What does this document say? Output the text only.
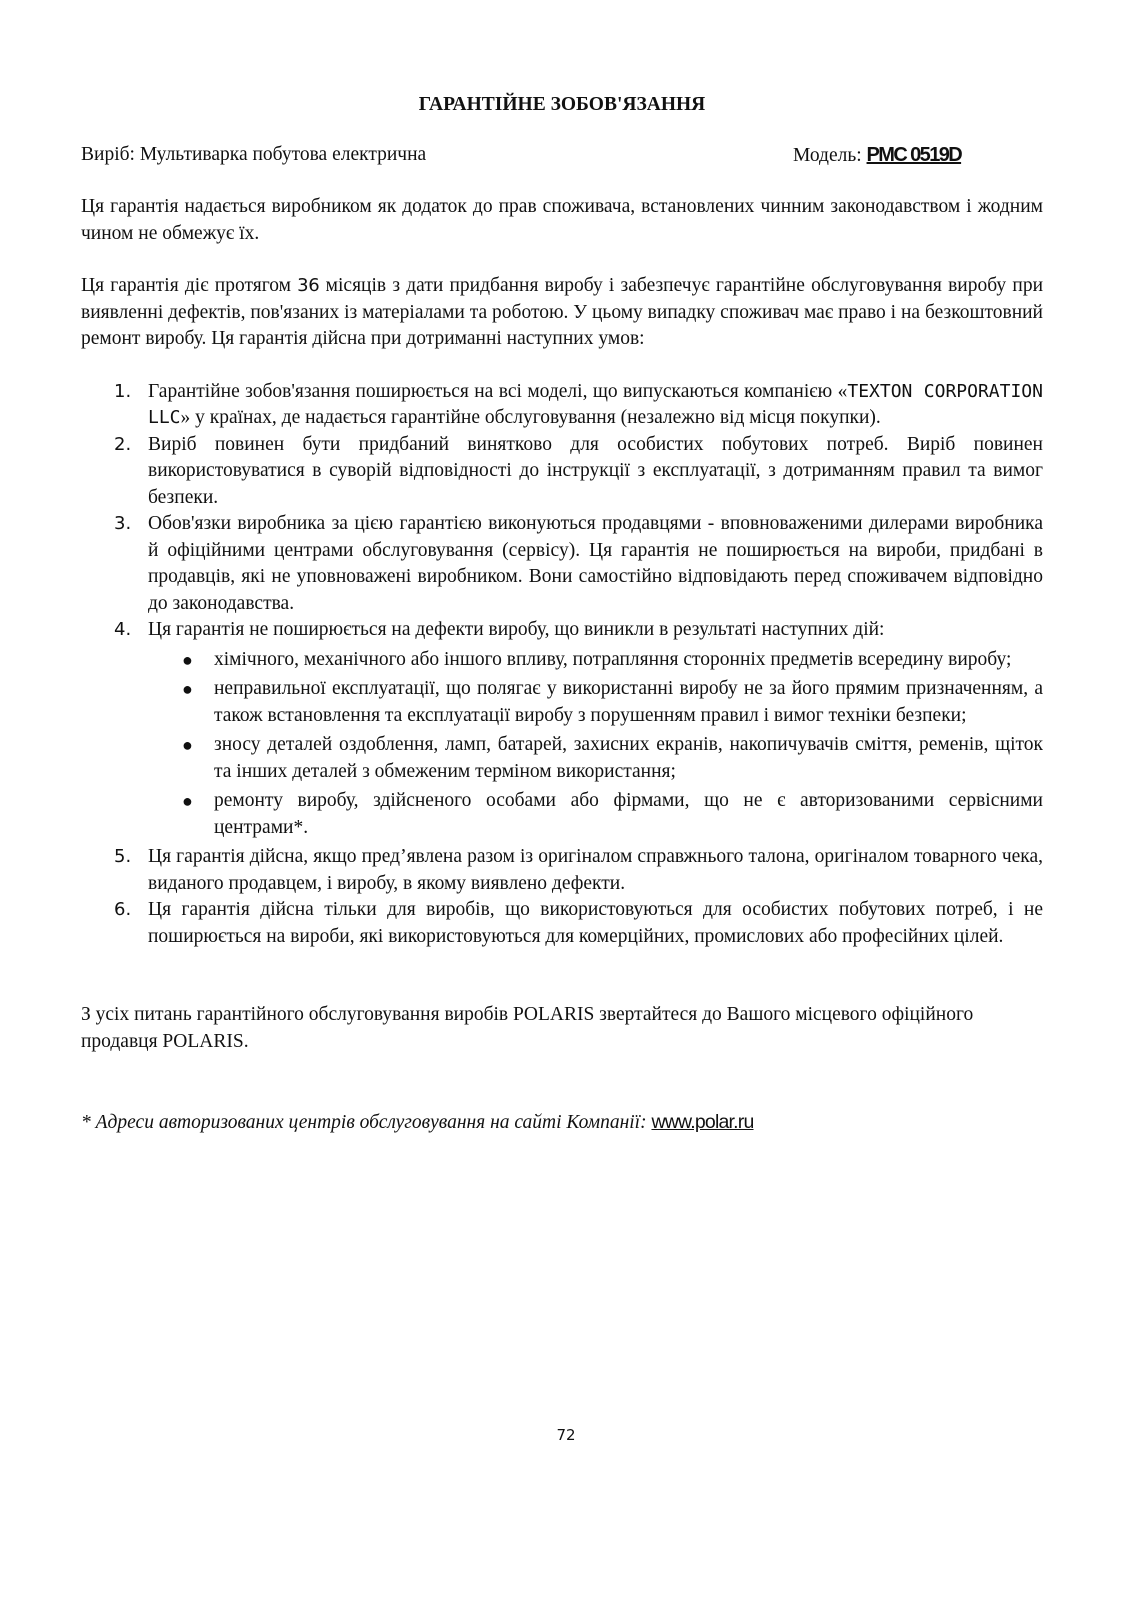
ГАРАНТІЙНЕ ЗОБОВ'ЯЗАННЯ
Виріб: Мультиварка побутова електрична	Модель: PMC 0519D

Ця гарантія надається виробником як додаток до прав споживача, встановлених чинним законодавством і жодним чином не обмежує їх.

Ця гарантія діє протягом 36 місяців з дати придбання виробу і забезпечує гарантійне обслуговування виробу при виявленні дефектів, пов'язаних із матеріалами та роботою. У цьому випадку споживач має право і на безкоштовний ремонт виробу. Ця гарантія дійсна при дотриманні наступних умов:

1. Гарантійне зобов'язання поширюється на всі моделі, що випускаються компанією «TEXTON CORPORATION LLC» у країнах, де надається гарантійне обслуговування (незалежно від місця покупки).
2. Виріб повинен бути придбаний винятково для особистих побутових потреб. Виріб повинен використовуватися в суворій відповідності до інструкції з експлуатації, з дотриманням правил та вимог безпеки.
3. Обов'язки виробника за цією гарантією виконуються продавцями - вповноваженими дилерами виробника й офіційними центрами обслуговування (сервісу). Ця гарантія не поширюється на вироби, придбані в продавців, які не уповноважені виробником. Вони самостійно відповідають перед споживачем відповідно до законодавства.
4. Ця гарантія не поширюється на дефекти виробу, що виникли в результаті наступних дій:
● хімічного, механічного або іншого впливу, потрапляння сторонніх предметів всередину виробу;
● неправильної експлуатації, що полягає у використанні виробу не за його прямим призначенням, а також встановлення та експлуатації виробу з порушенням правил і вимог техніки безпеки;
● зносу деталей оздоблення, ламп, батарей, захисних екранів, накопичувачів сміття, ременів, щіток та інших деталей з обмеженим терміном використання;
● ремонту виробу, здійсненого особами або фірмами, що не є авторизованими сервісними центрами*.
5. Ця гарантія дійсна, якщо пред’явлена разом із оригіналом справжнього талона, оригіналом товарного чека, виданого продавцем, і виробу, в якому виявлено дефекти.
6. Ця гарантія дійсна тільки для виробів, що використовуються для особистих побутових потреб, і не поширюється на вироби, які використовуються для комерційних, промислових або професійних цілей.

З усіх питань гарантійного обслуговування виробів POLARIS звертайтеся до Вашого місцевого офіційного продавця POLARIS.

* Адреси авторизованих центрів обслуговування на сайті Компанії: www.polar.ru

72
